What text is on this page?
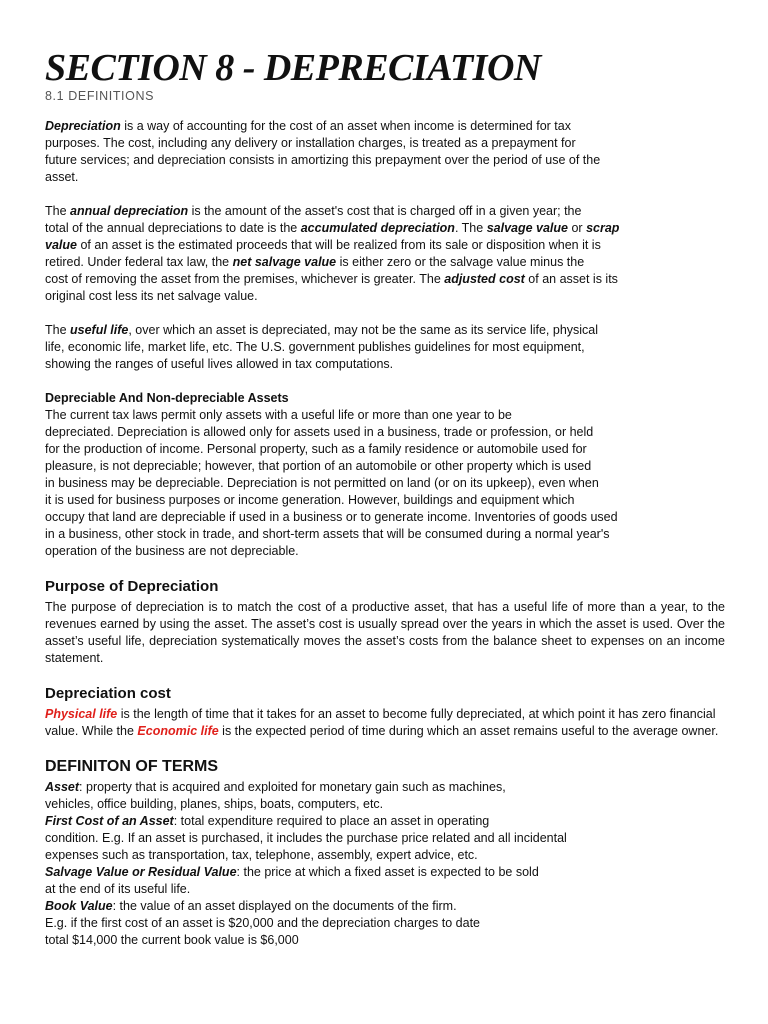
SECTION 8 - DEPRECIATION
8.1 DEFINITIONS
Depreciation is a way of accounting for the cost of an asset when income is determined for tax
purposes. The cost, including any delivery or installation charges, is treated as a prepayment for
future services; and depreciation consists in amortizing this prepayment over the period of use of the
asset.
The annual depreciation is the amount of the asset's cost that is charged off in a given year; the
total of the annual depreciations to date is the accumulated depreciation. The salvage value or scrap
value of an asset is the estimated proceeds that will be realized from its sale or disposition when it is
retired. Under federal tax law, the net salvage value is either zero or the salvage value minus the
cost of removing the asset from the premises, whichever is greater. The adjusted cost of an asset is its
original cost less its net salvage value.
The useful life, over which an asset is depreciated, may not be the same as its service life, physical
life, economic life, market life, etc. The U.S. government publishes guidelines for most equipment,
showing the ranges of useful lives allowed in tax computations.
Depreciable And Non-depreciable Assets
The current tax laws permit only assets with a useful life or more than one year to be
depreciated. Depreciation is allowed only for assets used in a business, trade or profession, or held
for the production of income. Personal property, such as a family residence or automobile used for
pleasure, is not depreciable; however, that portion of an automobile or other property which is used
in business may be depreciable. Depreciation is not permitted on land (or on its upkeep), even when
it is used for business purposes or income generation. However, buildings and equipment which
occupy that land are depreciable if used in a business or to generate income. Inventories of goods used
in a business, other stock in trade, and short-term assets that will be consumed during a normal year's
operation of the business are not depreciable.
Purpose of Depreciation
The purpose of depreciation is to match the cost of a productive asset, that has a useful life of more than a year, to the
revenues earned by using the asset. The asset’s cost is usually spread over the years in which the asset is used. Over the
asset’s useful life, depreciation systematically moves the asset’s costs from the balance sheet to expenses on an income
statement.
Depreciation cost
Physical life is the length of time that it takes for an asset to become fully depreciated, at which point it has zero financial
value. While the Economic life is the expected period of time during which an asset remains useful to the average owner.
DEFINITON OF TERMS
Asset: property that is acquired and exploited for monetary gain such as machines,
vehicles, office building, planes, ships, boats, computers, etc.
First Cost of an Asset: total expenditure required to place an asset in operating
condition. E.g. If an asset is purchased, it includes the purchase price related and all incidental
expenses such as transportation, tax, telephone, assembly, expert advice, etc.
Salvage Value or Residual Value: the price at which a fixed asset is expected to be sold
at the end of its useful life.
Book Value: the value of an asset displayed on the documents of the firm.
E.g. if the first cost of an asset is $20,000 and the depreciation charges to date
total $14,000 the current book value is $6,000
